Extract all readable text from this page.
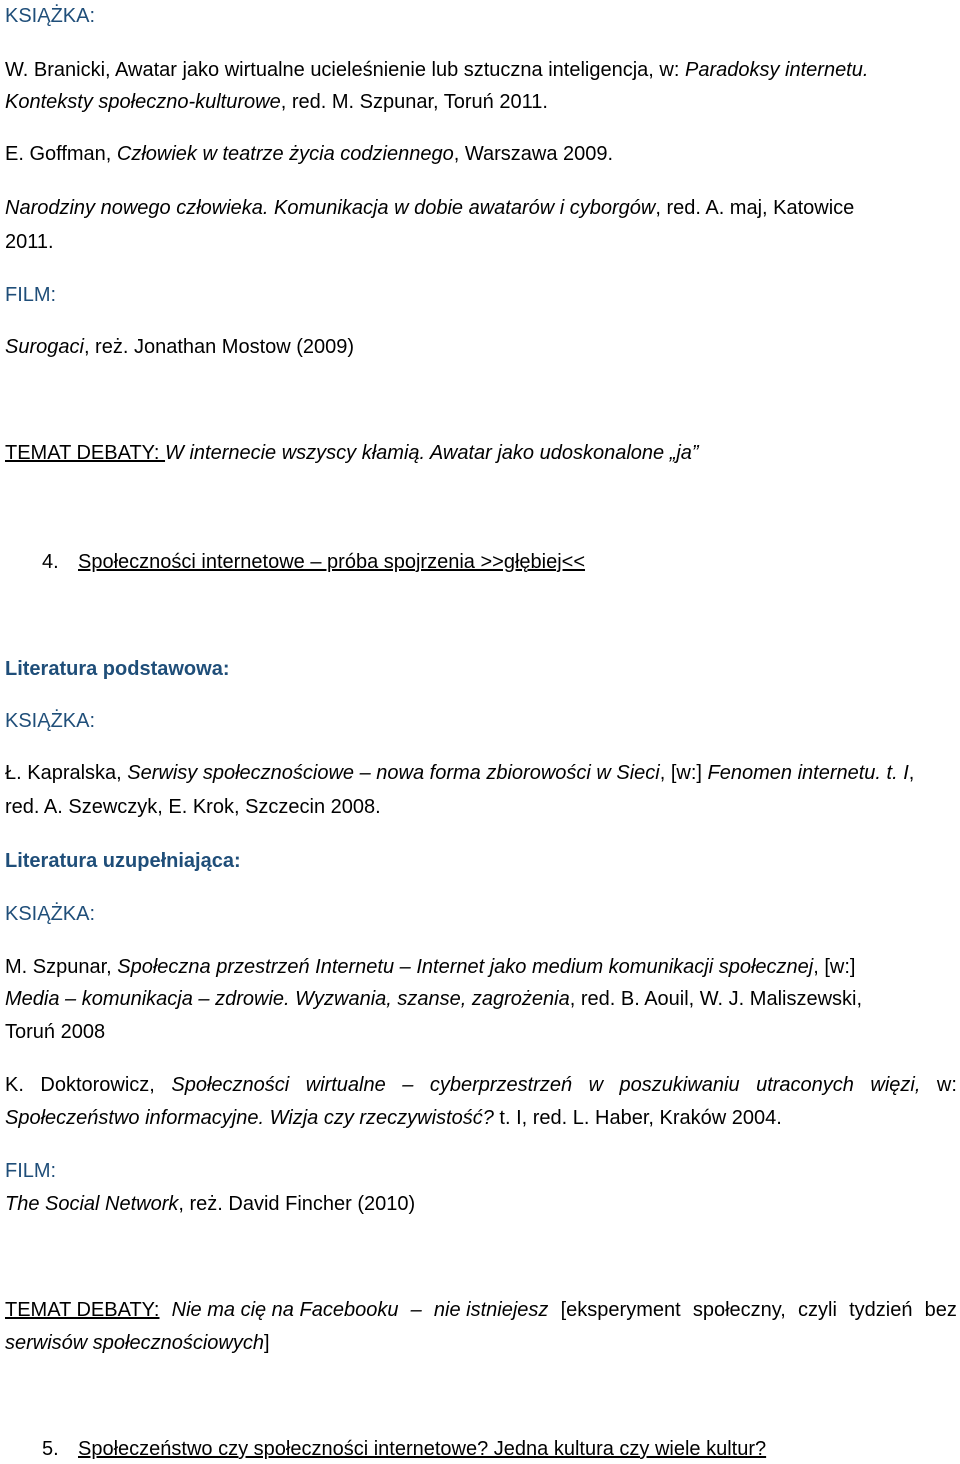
KSIĄŻKA:
W. Branicki, Awatar jako wirtualne ucieleśnienie lub sztuczna inteligencja, w: Paradoksy internetu.
Konteksty społeczno-kulturowe, red. M. Szpunar, Toruń 2011.
E. Goffman, Człowiek w teatrze życia codziennego, Warszawa 2009.
Narodziny nowego człowieka. Komunikacja w dobie awatarów i cyborgów, red. A. maj, Katowice
2011.
FILM:
Surogaci, reż. Jonathan Mostow (2009)
TEMAT DEBATY: W internecie wszyscy kłamią. Awatar jako udoskonalone „ja”
4. Społeczności internetowe – próba spojrzenia >>głębiej<<
Literatura podstawowa:
KSIĄŻKA:
Ł. Kapralska, Serwisy społecznościowe – nowa forma zbiorowości w Sieci, [w:] Fenomen internetu. t. I,
red. A. Szewczyk, E. Krok, Szczecin 2008.
Literatura uzupełniająca:
KSIĄŻKA:
M. Szpunar, Społeczna przestrzeń Internetu – Internet jako medium komunikacji społecznej, [w:]
Media – komunikacja – zdrowie. Wyzwania, szanse, zagrożenia, red. B. Aouil, W. J. Maliszewski,
Toruń 2008
K. Doktorowicz, Społeczności wirtualne – cyberprzestrzeń w poszukiwaniu utraconych więzi, w:
Społeczeństwo informacyjne. Wizja czy rzeczywistość? t. I, red. L. Haber, Kraków 2004.
FILM:
The Social Network, reż. David Fincher (2010)
TEMAT DEBATY: Nie ma cię na Facebooku – nie istniejesz [eksperyment społeczny, czyli tydzień bez
serwisów społecznościowych]
5. Społeczeństwo czy społeczności internetowe? Jedna kultura czy wiele kultur?
